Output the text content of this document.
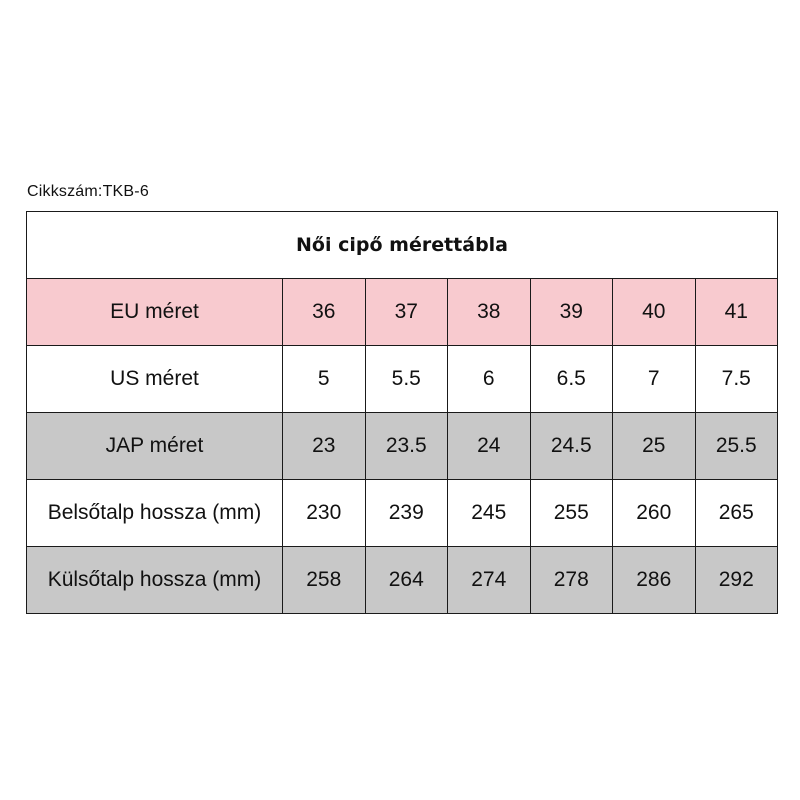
Cikkszám:TKB-6
Női cipő mérettábla						
EU méret	36	37	38	39	40	41
US méret	5	5.5	6	6.5	7	7.5
JAP méret	23	23.5	24	24.5	25	25.5
Belsőtalp hossza (mm)	230	239	245	255	260	265
Külsőtalp hossza (mm)	258	264	274	278	286	292
